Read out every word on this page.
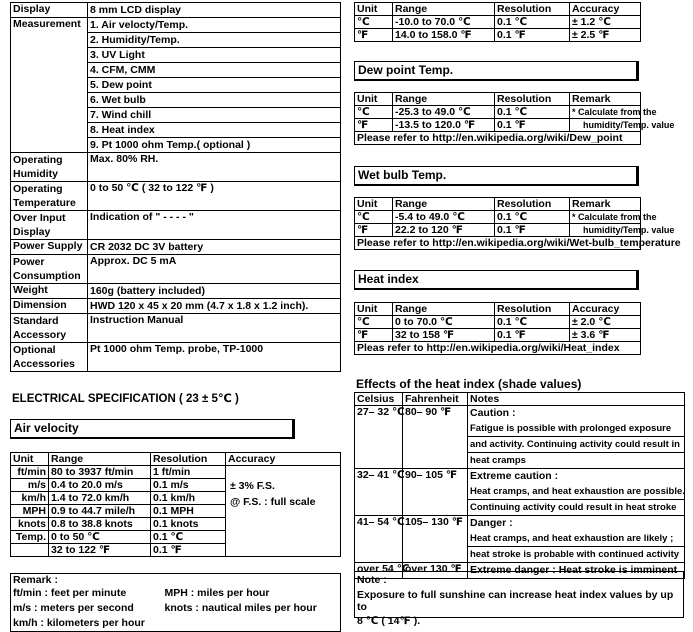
Display	8 mm LCD display
Measurement	1. Air velocty/Temp.
	2. Humidity/Temp.
	3. UV Light
	4. CFM, CMM
	5. Dew point
	6. Wet bulb
	7. Wind chill
	8. Heat index
	9. Pt 1000 ohm Temp.( optional )
Operating Humidity	Max. 80% RH.
Operating Temperature	0 to 50 ℃ ( 32 to 122 ℉ )
Over Input Display	Indication of " - - - - "
Power Supply	CR 2032 DC 3V battery
Power Consumption	Approx. DC 5 mA
Weight	160g (battery included)
Dimension	HWD 120 x 45 x 20 mm (4.7 x 1.8 x 1.2 inch).
Standard Accessory	Instruction Manual
Optional Accessories	Pt 1000 ohm Temp. probe, TP-1000
ELECTRICAL SPECIFICATION ( 23 ± 5℃ )
Air velocity
Unit	Range	Resolution	Accuracy
ft/min	80 to 3937 ft/min	1 ft/min	± 3% F.S.
@ F.S. : full scale

m/s	0.4 to 20.0 m/s	0.1 m/s	
km/h	1.4 to 72.0 km/h	0.1 km/h	
MPH	0.9 to 44.7 mile/h	0.1 MPH	
knots	0.8 to 38.8 knots	0.1 knots	
Temp.	0 to 50 ℃	0.1 ℃	
	32 to 122 ℉	0.1 ℉	
Remark :	
ft/min : feet per minute	MPH : miles per hour
m/s : meters per second	knots : nautical miles per hour
km/h : kilometers per hour	
Unit	Range	Resolution	Accuracy
℃	-10.0 to 70.0 ℃	0.1 ℃	± 1.2 ℃
℉	14.0 to 158.0 ℉	0.1 ℉	± 2.5 ℉
Dew point Temp.
Unit	Range	Resolution	Remark
℃	-25.3 to 49.0 ℃	0.1 ℃	* Calculate from the
℉	-13.5 to 120.0 ℉	0.1 ℉	humidity/Temp. value
Please refer to http://en.wikipedia.org/wiki/Dew_point			
Wet bulb Temp.
Unit	Range	Resolution	Remark
℃	-5.4 to 49.0 ℃	0.1 ℃	* Calculate from the
℉	22.2 to 120 ℉	0.1 ℉	humidity/Temp. value
Please refer to http://en.wikipedia.org/wiki/Wet-bulb_temperature			
Heat index
Unit	Range	Resolution	Accuracy
℃	0 to 70.0 ℃	0.1 ℃	± 2.0 ℃
℉	32 to 158 ℉	0.1 ℉	± 3.6 ℉
Pleas refer to http://en.wikipedia.org/wiki/Heat_index			
Effects of the heat index (shade values)
Celsius	Fahrenheit	Notes
27– 32 ℃	80– 90 ℉	Caution :
Fatigue is possible with prolonged exposure
and activity. Continuing activity could result in
heat cramps

32– 41 ℃	90– 105 ℉	Extreme caution :
Heat cramps, and heat exhaustion are possible.
Continuing activity could result in heat stroke

41– 54 ℃	105– 130 ℉	Danger :
Heat cramps, and heat exhaustion are likely ;
heat stroke is probable with continued activity

over 54 ℃	over 130 ℉	Extreme danger : Heat stroke is imminent
Note :
Exposure to full sunshine can increase heat index values by up to
8 ℃ ( 14℉ ).
